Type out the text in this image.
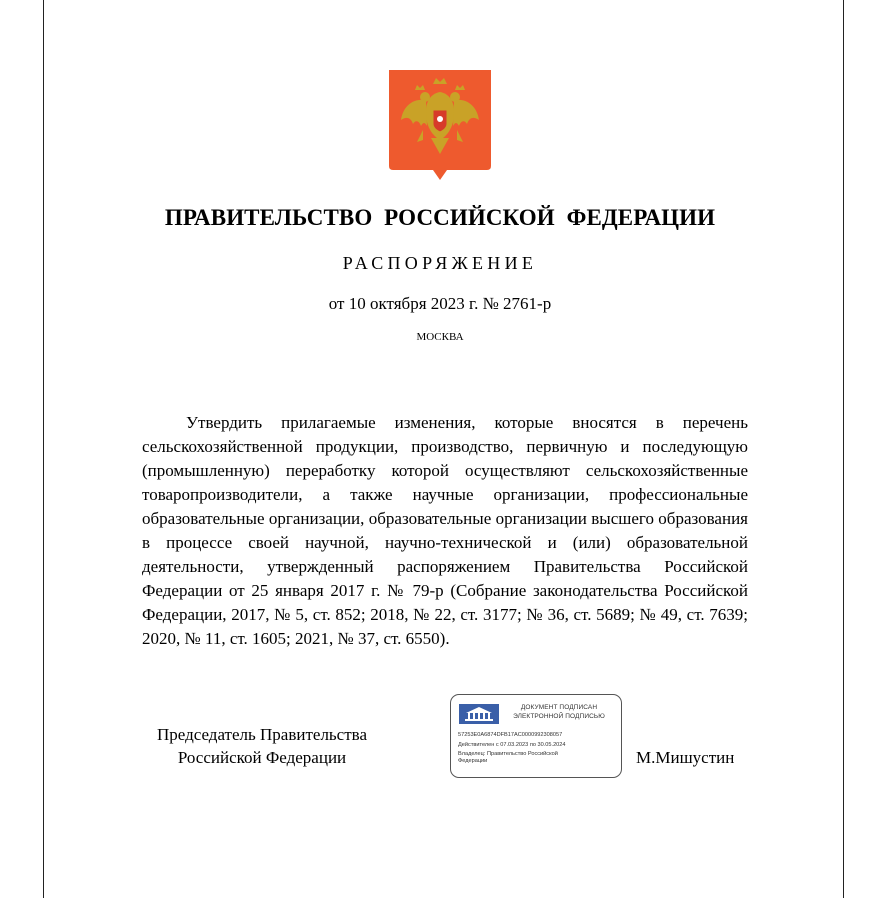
ПРАВИТЕЛЬСТВО РОССИЙСКОЙ ФЕДЕРАЦИИ
РАСПОРЯЖЕНИЕ
от 10 октября 2023 г. № 2761-р
МОСКВА
Утвердить прилагаемые изменения, которые вносятся в перечень сельскохозяйственной продукции, производство, первичную и последующую (промышленную) переработку которой осуществляют сельскохозяйственные товаропроизводители, а также научные организации, профессиональные образовательные организации, образовательные организации высшего образования в процессе своей научной, научно-технической и (или) образовательной деятельности, утвержденный распоряжением Правительства Российской Федерации от 25 января 2017 г. № 79-р (Собрание законодательства Российской Федерации, 2017, № 5, ст. 852; 2018, № 22, ст. 3177; № 36, ст. 5689; № 49, ст. 7639; 2020, № 11, ст. 1605; 2021, № 37, ст. 6550).
Председатель Правительства
Российской Федерации
ДОКУМЕНТ ПОДПИСАН
ЭЛЕКТРОННОЙ ПОДПИСЬЮ
57253E0A6874DFB17AC0000992308057
Действителен с 07.03.2023 по 30.05.2024
Владелец: Правительство Российской
Федерации	М.Мишустин
